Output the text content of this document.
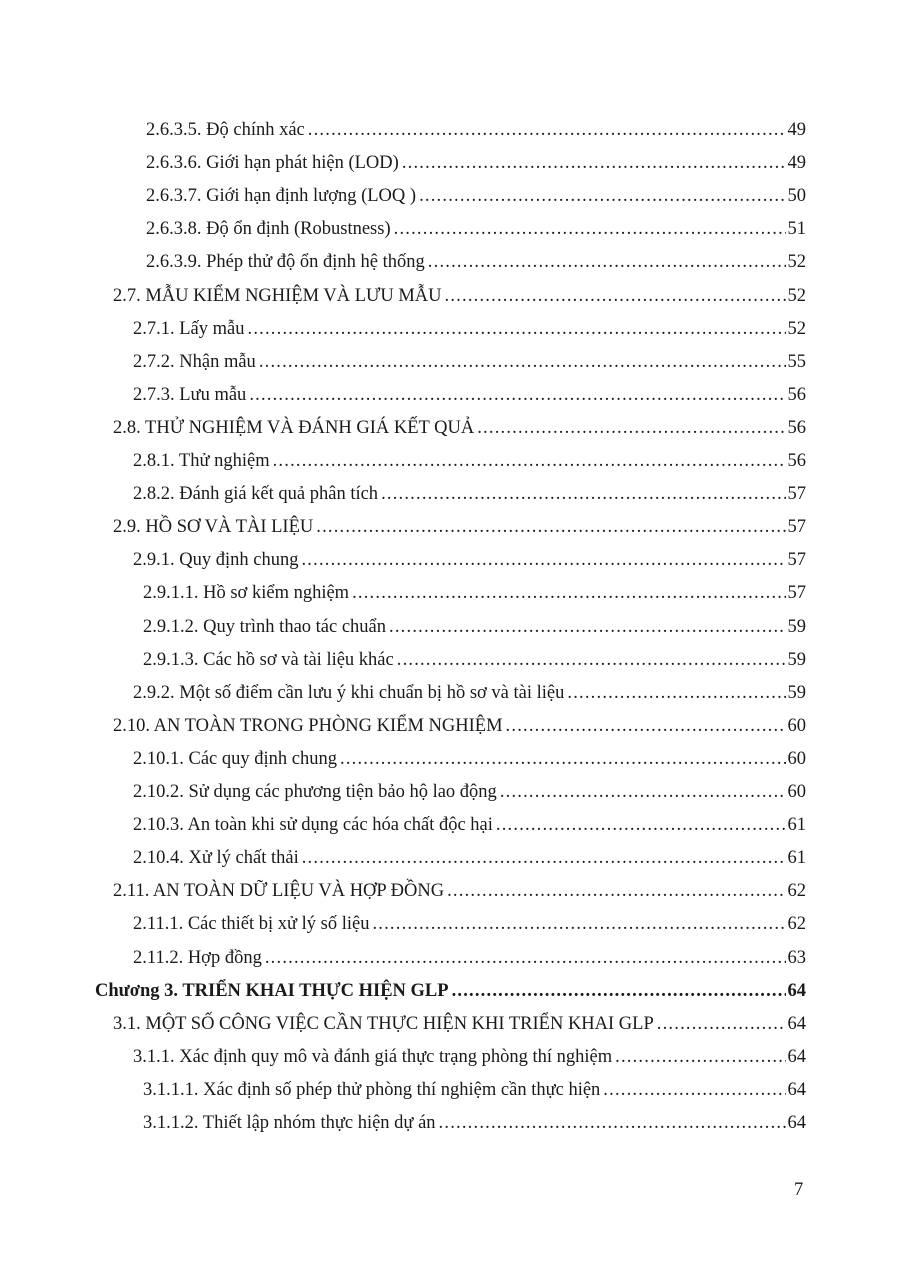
2.6.3.5. Độ chính xác .....	49
2.6.3.6. Giới hạn phát hiện (LOD) .....	49
2.6.3.7. Giới hạn định lượng (LOQ ) .....	50
2.6.3.8. Độ ổn định (Robustness) .....	51
2.6.3.9. Phép thử độ ổn định hệ thống .....	52
2.7. MẪU KIỂM NGHIỆM VÀ LƯU MẪU .....	52
2.7.1. Lấy mẫu .....	52
2.7.2. Nhận mẫu .....	55
2.7.3. Lưu mẫu .....	56
2.8. THỬ NGHIỆM VÀ ĐÁNH GIÁ KẾT QUẢ .....	56
2.8.1. Thử nghiệm .....	56
2.8.2. Đánh giá kết quả phân tích .....	57
2.9. HỒ SƠ VÀ TÀI LIỆU .....	57
2.9.1. Quy định chung .....	57
2.9.1.1. Hồ sơ kiểm nghiệm .....	57
2.9.1.2. Quy trình thao tác chuẩn .....	59
2.9.1.3. Các hồ sơ và tài liệu khác .....	59
2.9.2. Một số điểm cần lưu ý khi chuẩn bị hồ sơ và tài liệu .....	59
2.10. AN TOÀN TRONG PHÒNG KIỂM NGHIỆM .....	60
2.10.1. Các quy định chung .....	60
2.10.2. Sử dụng các phương tiện bảo hộ lao động .....	60
2.10.3. An toàn khi sử dụng các hóa chất độc hại .....	61
2.10.4. Xử lý chất thải .....	61
2.11. AN TOÀN DỮ LIỆU VÀ HỢP ĐỒNG .....	62
2.11.1. Các thiết bị xử lý số liệu .....	62
2.11.2. Hợp đồng .....	63
Chương 3. TRIỂN KHAI THỰC HIỆN GLP .....	64
3.1. MỘT SỐ CÔNG VIỆC CẦN THỰC HIỆN KHI TRIỂN KHAI GLP .....	64
3.1.1. Xác định quy mô và đánh giá thực trạng phòng thí nghiệm .....	64
3.1.1.1. Xác định số phép thử phòng thí nghiệm cần thực hiện .....	64
3.1.1.2. Thiết lập nhóm thực hiện dự án .....	64
7
